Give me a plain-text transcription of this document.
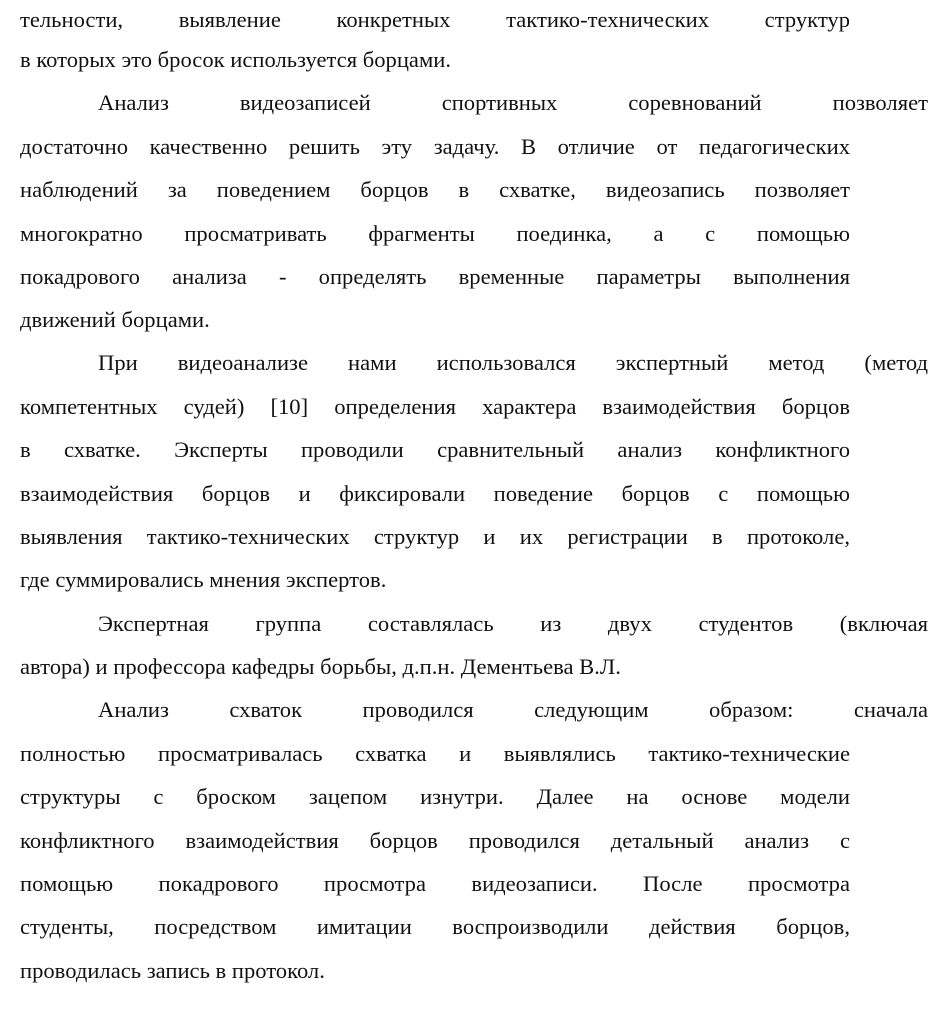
тельности, выявление конкретных тактико-технических структур
в которых это бросок используется борцами.
Анализ видеозаписей спортивных соревнований позволяет
достаточно качественно решить эту задачу. В отличие от педагогических
наблюдений за поведением борцов в схватке, видеозапись позволяет
многократно просматривать фрагменты поединка, а с помощью
покадрового анализа - определять временные параметры выполнения
движений борцами.
При видеоанализе нами использовался экспертный метод (метод
компетентных судей) [10] определения характера взаимодействия борцов
в схватке. Эксперты проводили сравнительный анализ конфликтного
взаимодействия борцов и фиксировали поведение борцов с помощью
выявления тактико-технических структур и их регистрации в протоколе,
где суммировались мнения экспертов.
Экспертная группа составлялась из двух студентов (включая
автора) и профессора кафедры борьбы, д.п.н. Дементьева В.Л.
Анализ схваток проводился следующим образом: сначала
полностью просматривалась схватка и выявлялись тактико-технические
структуры с броском зацепом изнутри. Далее на основе модели
конфликтного взаимодействия борцов проводился детальный анализ с
помощью покадрового просмотра видеозаписи. После просмотра
студенты, посредством имитации воспроизводили действия борцов,
проводилась запись в протокол.
